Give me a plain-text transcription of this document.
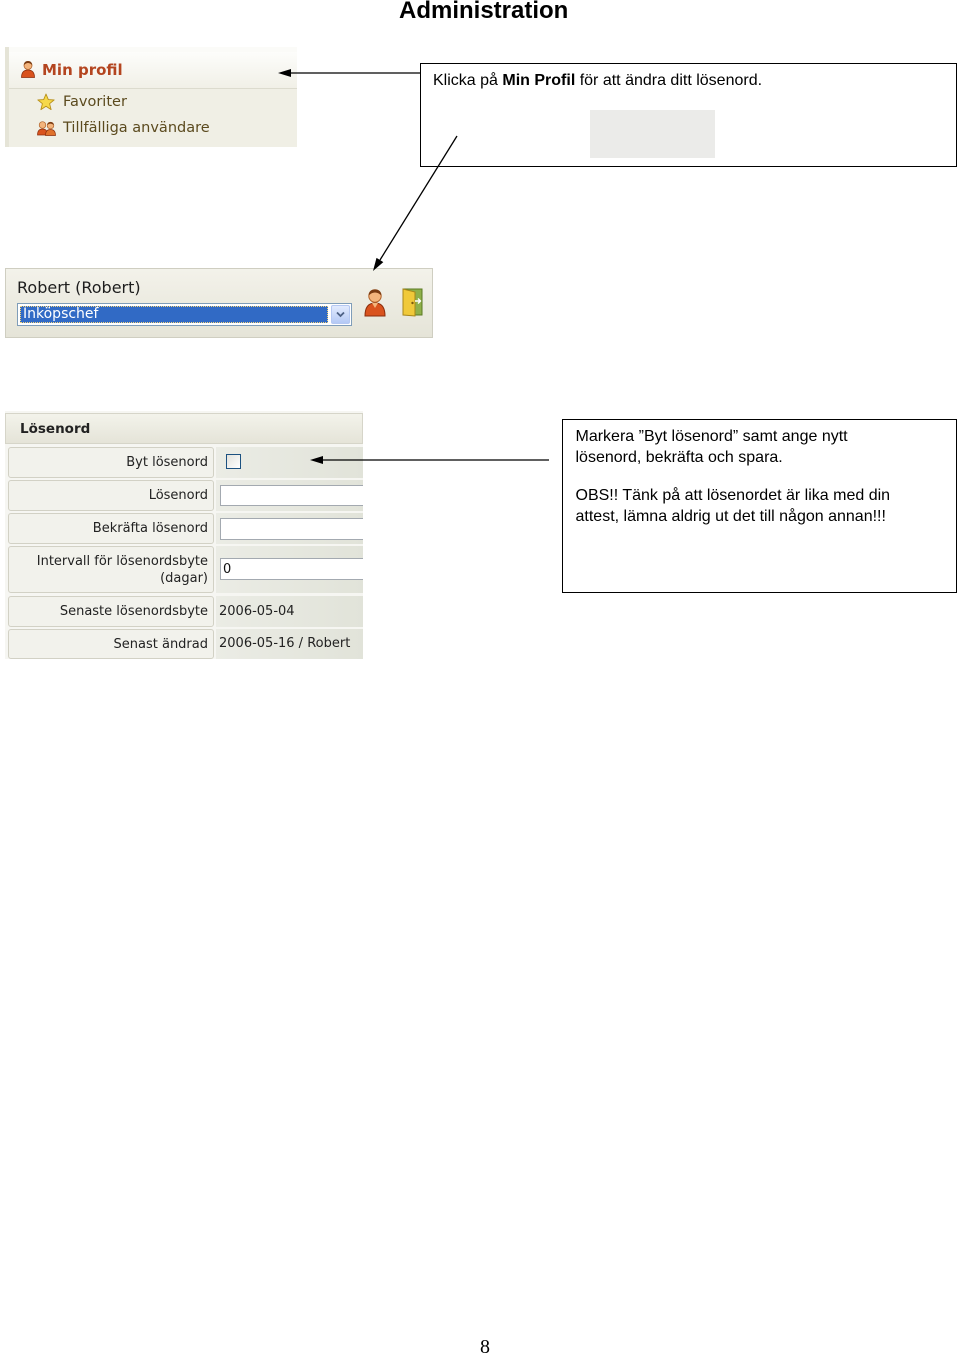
Administration
Min profil
Favoriter
Tillfälliga användare
Klicka på Min Profil för att ändra ditt lösenord.
Robert (Robert)
Inköpschef
Lösenord
Byt lösenord
Lösenord
Bekräfta lösenord
Intervall för lösenordsbyte
(dagar)
0
Senaste lösenordsbyte 2006-05-04
Senast ändrad 2006-05-16 / Robert
Markera ”Byt lösenord” samt ange nytt
lösenord, bekräfta och spara.
OBS!! Tänk på att lösenordet är lika med din
attest, lämna aldrig ut det till någon annan!!!
8
